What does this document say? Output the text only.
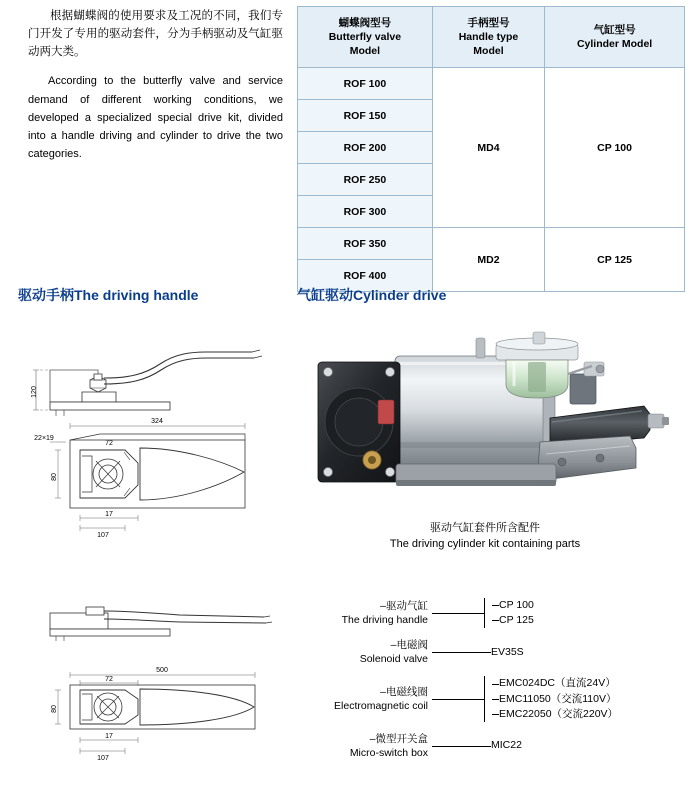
根据蝴蝶阀的使用要求及工况的不同，我们专门开发了专用的驱动套件，分为手柄驱动及气缸驱动两大类。

According to the butterfly valve and service demand of different working conditions, we developed a specialized special drive kit, divided into a handle driving and cylinder to drive the two categories.

蝴蝶阀型号
Butterfly valve
Model	手柄型号
Handle type
Model	气缸型号
Cylinder Model
ROF 100	MD4	CP 100
ROF 150		
ROF 200		
ROF 250		
ROF 300		
ROF 350	MD2	CP 125
ROF 400		
驱动手柄The driving handle	气缸驱动Cylinder drive
120
324
72
22×19
80
17
107
500
72
80
17
107
驱动气缸套件所含配件
The driving cylinder kit containing parts
–驱动气缸
The driving handle
CP 100
CP 125
–电磁阀
Solenoid valve
EV35S
–电磁线圈
Electromagnetic coil
EMC024DC（直流24V）
EMC11050（交流110V）
EMC22050（交流220V）
–微型开关盒
Micro-switch box
MIC22
